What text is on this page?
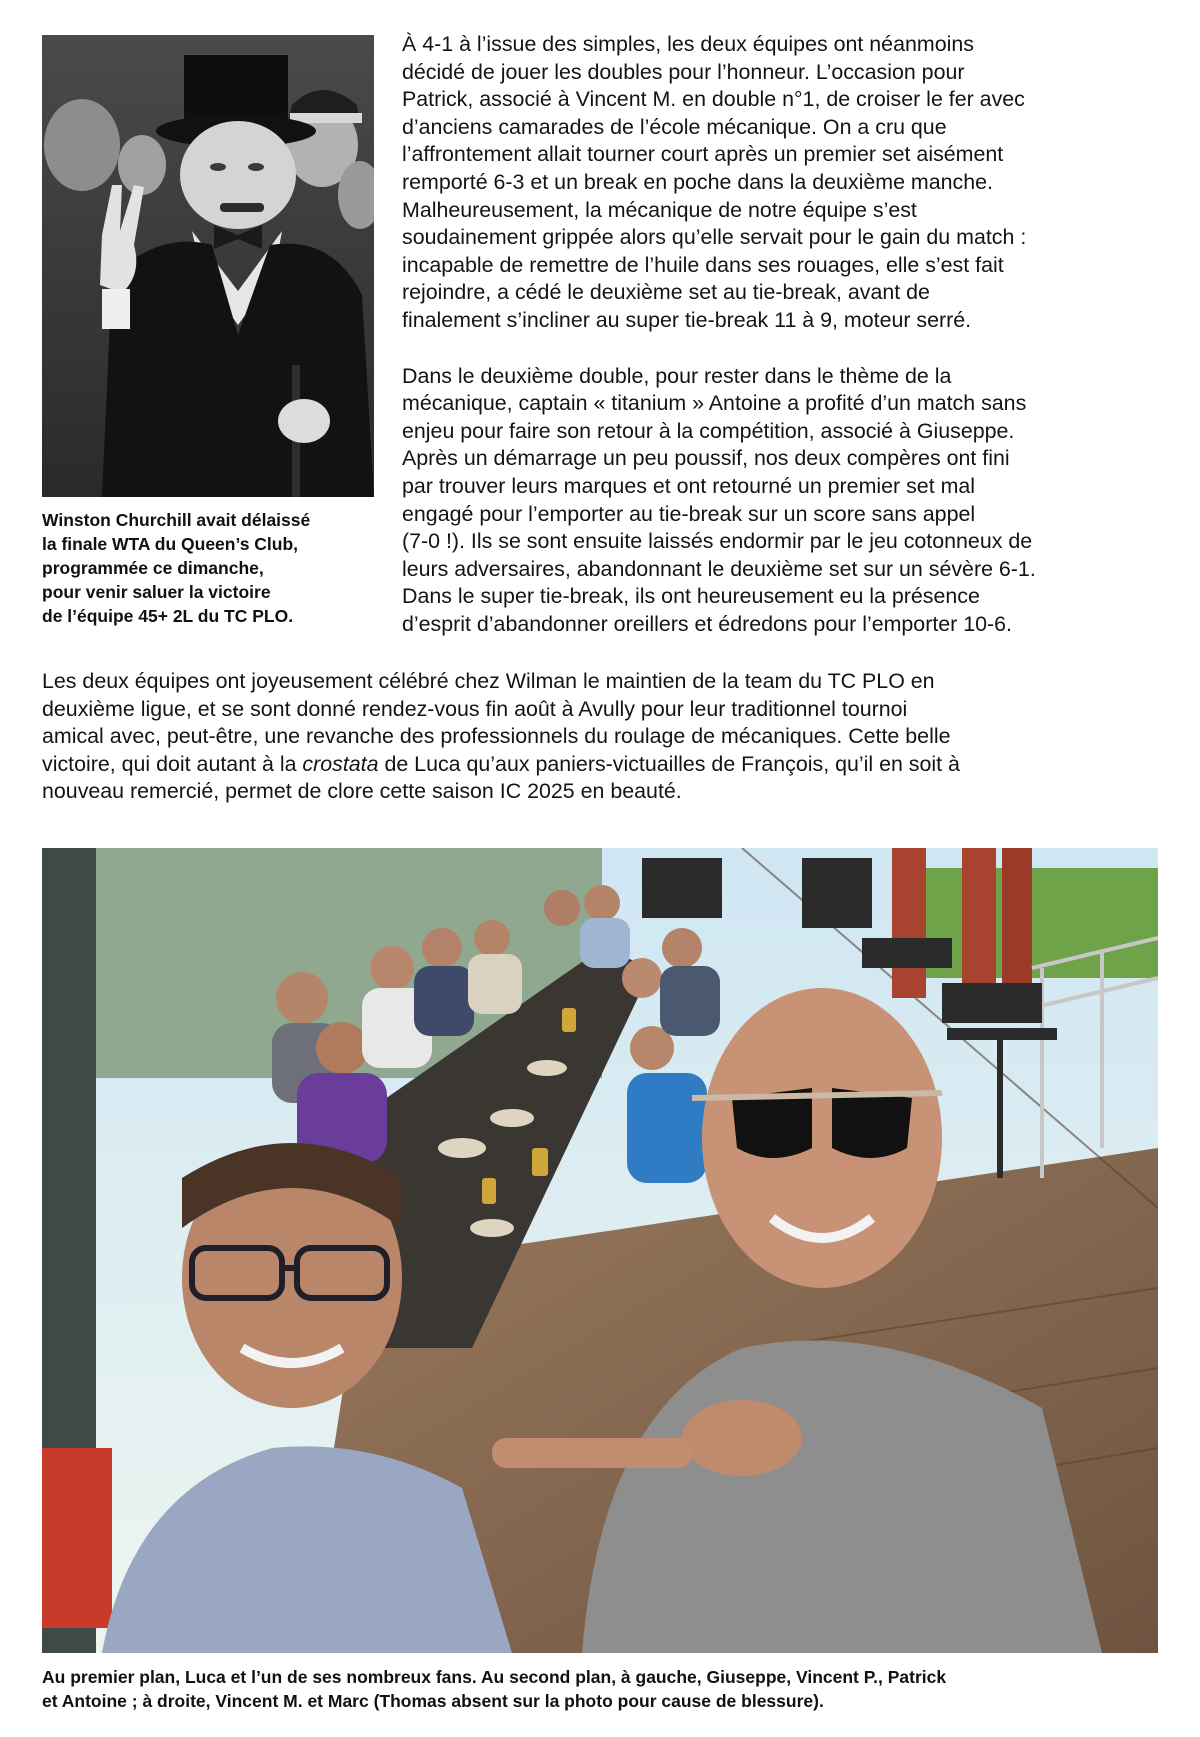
Winston Churchill avait délaissé
la finale WTA du Queen’s Club,
programmée ce dimanche,
pour venir saluer la victoire
de l’équipe 45+ 2L du TC PLO.
À 4-1 à l’issue des simples, les deux équipes ont néanmoins
décidé de jouer les doubles pour l’honneur. L’occasion pour
Patrick, associé à Vincent M. en double n°1, de croiser le fer avec
d’anciens camarades de l’école mécanique. On a cru que
l’affrontement allait tourner court après un premier set aisément
remporté 6-3 et un break en poche dans la deuxième manche.
Malheureusement, la mécanique de notre équipe s’est
soudainement grippée alors qu’elle servait pour le gain du match :
incapable de remettre de l’huile dans ses rouages, elle s’est fait
rejoindre, a cédé le deuxième set au tie-break, avant de
finalement s’incliner au super tie-break 11 à 9, moteur serré.
Dans le deuxième double, pour rester dans le thème de la
mécanique, captain « titanium » Antoine a profité d’un match sans
enjeu pour faire son retour à la compétition, associé à Giuseppe.
Après un démarrage un peu poussif, nos deux compères ont fini
par trouver leurs marques et ont retourné un premier set mal
engagé pour l’emporter au tie-break sur un score sans appel
(7-0 !). Ils se sont ensuite laissés endormir par le jeu cotonneux de
leurs adversaires, abandonnant le deuxième set sur un sévère 6-1.
Dans le super tie-break, ils ont heureusement eu la présence
d’esprit d’abandonner oreillers et édredons pour l’emporter 10-6.
Les deux équipes ont joyeusement célébré chez Wilman le maintien de la team du TC PLO en
deuxième ligue, et se sont donné rendez-vous fin août à Avully pour leur traditionnel tournoi
amical avec, peut-être, une revanche des professionnels du roulage de mécaniques. Cette belle
victoire, qui doit autant à la crostata de Luca qu’aux paniers-victuailles de François, qu’il en soit à
nouveau remercié, permet de clore cette saison IC 2025 en beauté.
Au premier plan, Luca et l’un de ses nombreux fans. Au second plan, à gauche, Giuseppe, Vincent P., Patrick
et Antoine ; à droite, Vincent M. et Marc (Thomas absent sur la photo pour cause de blessure).
